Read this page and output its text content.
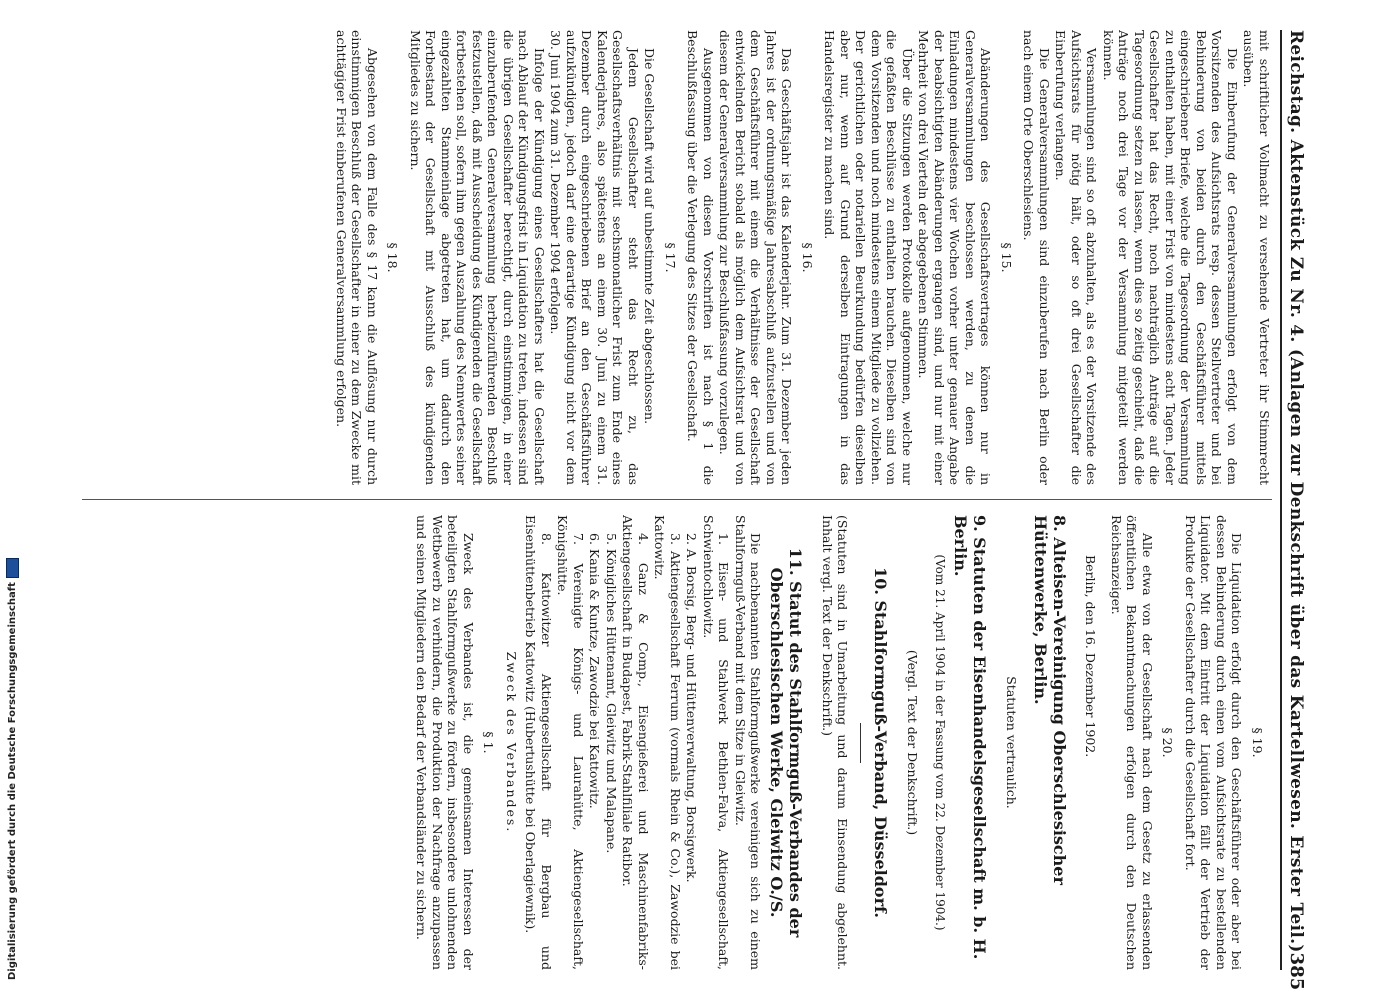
Reichstag. Aktenstück Zu Nr. 4. (Anlagen zur Denkschrift über das Kartellwesen. Erster Teil.)
385

mit schriftlicher Vollmacht zu versehende Vertreter ihr Stimmrecht ausüben.

Die Einberufung der Generalversammlungen erfolgt von dem Vorsitzenden des Aufsichtsrats resp. dessen Stellvertreter und bei Behinderung von beiden durch den Geschäftsführer mittels eingeschriebener Briefe, welche die Tagesordnung der Versammlung zu enthalten haben, mit einer Frist von mindestens acht Tagen. Jeder Gesellschafter hat das Recht, noch nachträglich Anträge auf die Tagesordnung setzen zu lassen, wenn dies so zeitig geschieht, daß die Anträge noch drei Tage vor der Versammlung mitgeteilt werden können.

Versammlungen sind so oft abzuhalten, als es der Vorsitzende des Aufsichtsrats für nötig hält, oder so oft drei Gesellschafter die Einberufung verlangen.

Die Generalversammlungen sind einzuberufen nach Berlin oder nach einem Orte Oberschlesiens.

§ 15.

Abänderungen des Gesellschaftsvertrages können nur in Generalversammlungen beschlossen werden, zu denen die Einladungen mindestens vier Wochen vorher unter genauer Angabe der beabsichtigten Abänderungen ergangen sind, und nur mit einer Mehrheit von drei Vierteln der abgegebenen Stimmen.

Über die Sitzungen werden Protokolle aufgenommen, welche nur die gefaßten Beschlüsse zu enthalten brauchen. Dieselben sind von dem Vorsitzenden und noch mindestens einem Mitgliede zu vollziehen. Der gerichtlichen oder notariellen Beurkundung bedürfen dieselben aber nur, wenn auf Grund derselben Eintragungen in das Handelsregister zu machen sind.

§ 16.

Das Geschäftsjahr ist das Kalenderjahr. Zum 31. Dezember jeden Jahres ist der ordnungsmäßige Jahresabschluß aufzustellen und von dem Geschäftsführer mit einem die Verhältnisse der Gesellschaft entwickelnden Bericht sobald als möglich dem Aufsichtsrat und von diesem der Generalversammlung zur Beschlußfassung vorzulegen.

Ausgenommen von diesen Vorschriften ist nach § 1 die Beschlußfassung über die Verlegung des Sitzes der Gesellschaft.

§ 17.

Die Gesellschaft wird auf unbestimmte Zeit abgeschlossen.

Jedem Gesellschafter steht das Recht zu, das Gesellschaftsverhältnis mit sechsmonatlicher Frist zum Ende eines Kalenderjahres, also spätestens an einem 30. Juni zu einem 31. Dezember durch eingeschriebenen Brief an den Geschäftsführer aufzukündigen, jedoch darf eine derartige Kündigung nicht vor dem 30. Juni 1904 zum 31. Dezember 1904 erfolgen.

Infolge der Kündigung eines Gesellschafters hat die Gesellschaft nach Ablauf der Kündigungsfrist in Liquidation zu treten, indessen sind die übrigen Gesellschafter berechtigt, durch einstimmigen, in einer einzuberufenden Generalversammlung herbeizuführenden Beschluß festzustellen, daß mit Ausscheidung des Kündigenden die Gesellschaft fortbestehen soll, sofern ihm gegen Auszahlung des Nennwertes seiner eingezahlten Stammeinlage abgetreten hat, um dadurch den Fortbestand der Gesellschaft mit Ausschluß des kündigenden Mitgliedes zu sichern.

§ 18.

Abgesehen von dem Falle des § 17 kann die Auflösung nur durch einstimmigen Beschluß der Gesellschafter in einer zu dem Zwecke mit achttägiger Frist einberufenen Generalversammlung erfolgen.

§ 19.

Die Liquidation erfolgt durch den Geschäftsführer oder aber bei dessen Behinderung durch einen vom Aufsichtsrate zu bestellenden Liquidator. Mit dem Eintritt der Liquidation fällt der Vertrieb der Produkte der Gesellschafter durch die Gesellschaft fort.

§ 20.

Alle etwa von der Gesellschaft nach dem Gesetz zu erlassenden öffentlichen Bekanntmachungen erfolgen durch den Deutschen Reichsanzeiger.

Berlin, den 16. Dezember 1902.

8. Alteisen-Vereinigung Oberschlesischer Hüttenwerke, Berlin.
Statuten vertraulich.
9. Statuten der Eisenhandelsgesellschaft m. b. H. Berlin.
(Vom 21. April 1904 in der Fassung vom 22. Dezember 1904.)
(Vergl. Text der Denkschrift.)
10. Stahlformguß-Verband, Düsseldorf.

(Statuten sind in Umarbeitung und darum Einsendung abgelehnt. Inhalt vergl. Text der Denkschrift.)

11. Statut des Stahlformguß-Verbandes der Oberschlesischen Werke, Gleiwitz O./S.

Die nachbenannten Stahlformgußwerke vereinigen sich zu einem Stahlformguß-Verband mit dem Sitze in Gleiwitz.

1. Eisen- und Stahlwerk Bethlen-Falva, Aktiengesellschaft, Schwientochlowitz.

2. A. Borsig, Berg- und Hüttenverwaltung, Borsigwerk.

3. Aktiengesellschaft Ferrum (vormals Rhein & Co.), Zawodzie bei Kattowitz.

4. Ganz & Comp., Eisengießerei und Maschinenfabriks-Aktiengesellschaft in Budapest, Fabrik-Stahlfiliale Ratibor.

5. Königliches Hüttenamt, Gleiwitz und Malapane.

6. Kania & Kuntze, Zawodzie bei Kattowitz.

7. Vereinigte Königs- und Laurahütte, Aktiengesellschaft, Königshütte.

8. Kattowitzer Aktiengesellschaft für Bergbau und Eisenhüttenbetrieb Kattowitz (Hubertushütte bei Oberlagiewnik).

Zweck des Verbandes.
§ 1.

Zweck des Verbandes ist, die gemeinsamen Interessen der beteiligten Stahlformgußwerke zu fördern, insbesondere unlohnenden Wettbewerb zu verhindern, die Produktion der Nachfrage anzupassen und seinen Mitgliedern den Bedarf der Verbandsländer zu sichern.

Digitalisierung gefördert durch die Deutsche Forschungsgemeinschaft
